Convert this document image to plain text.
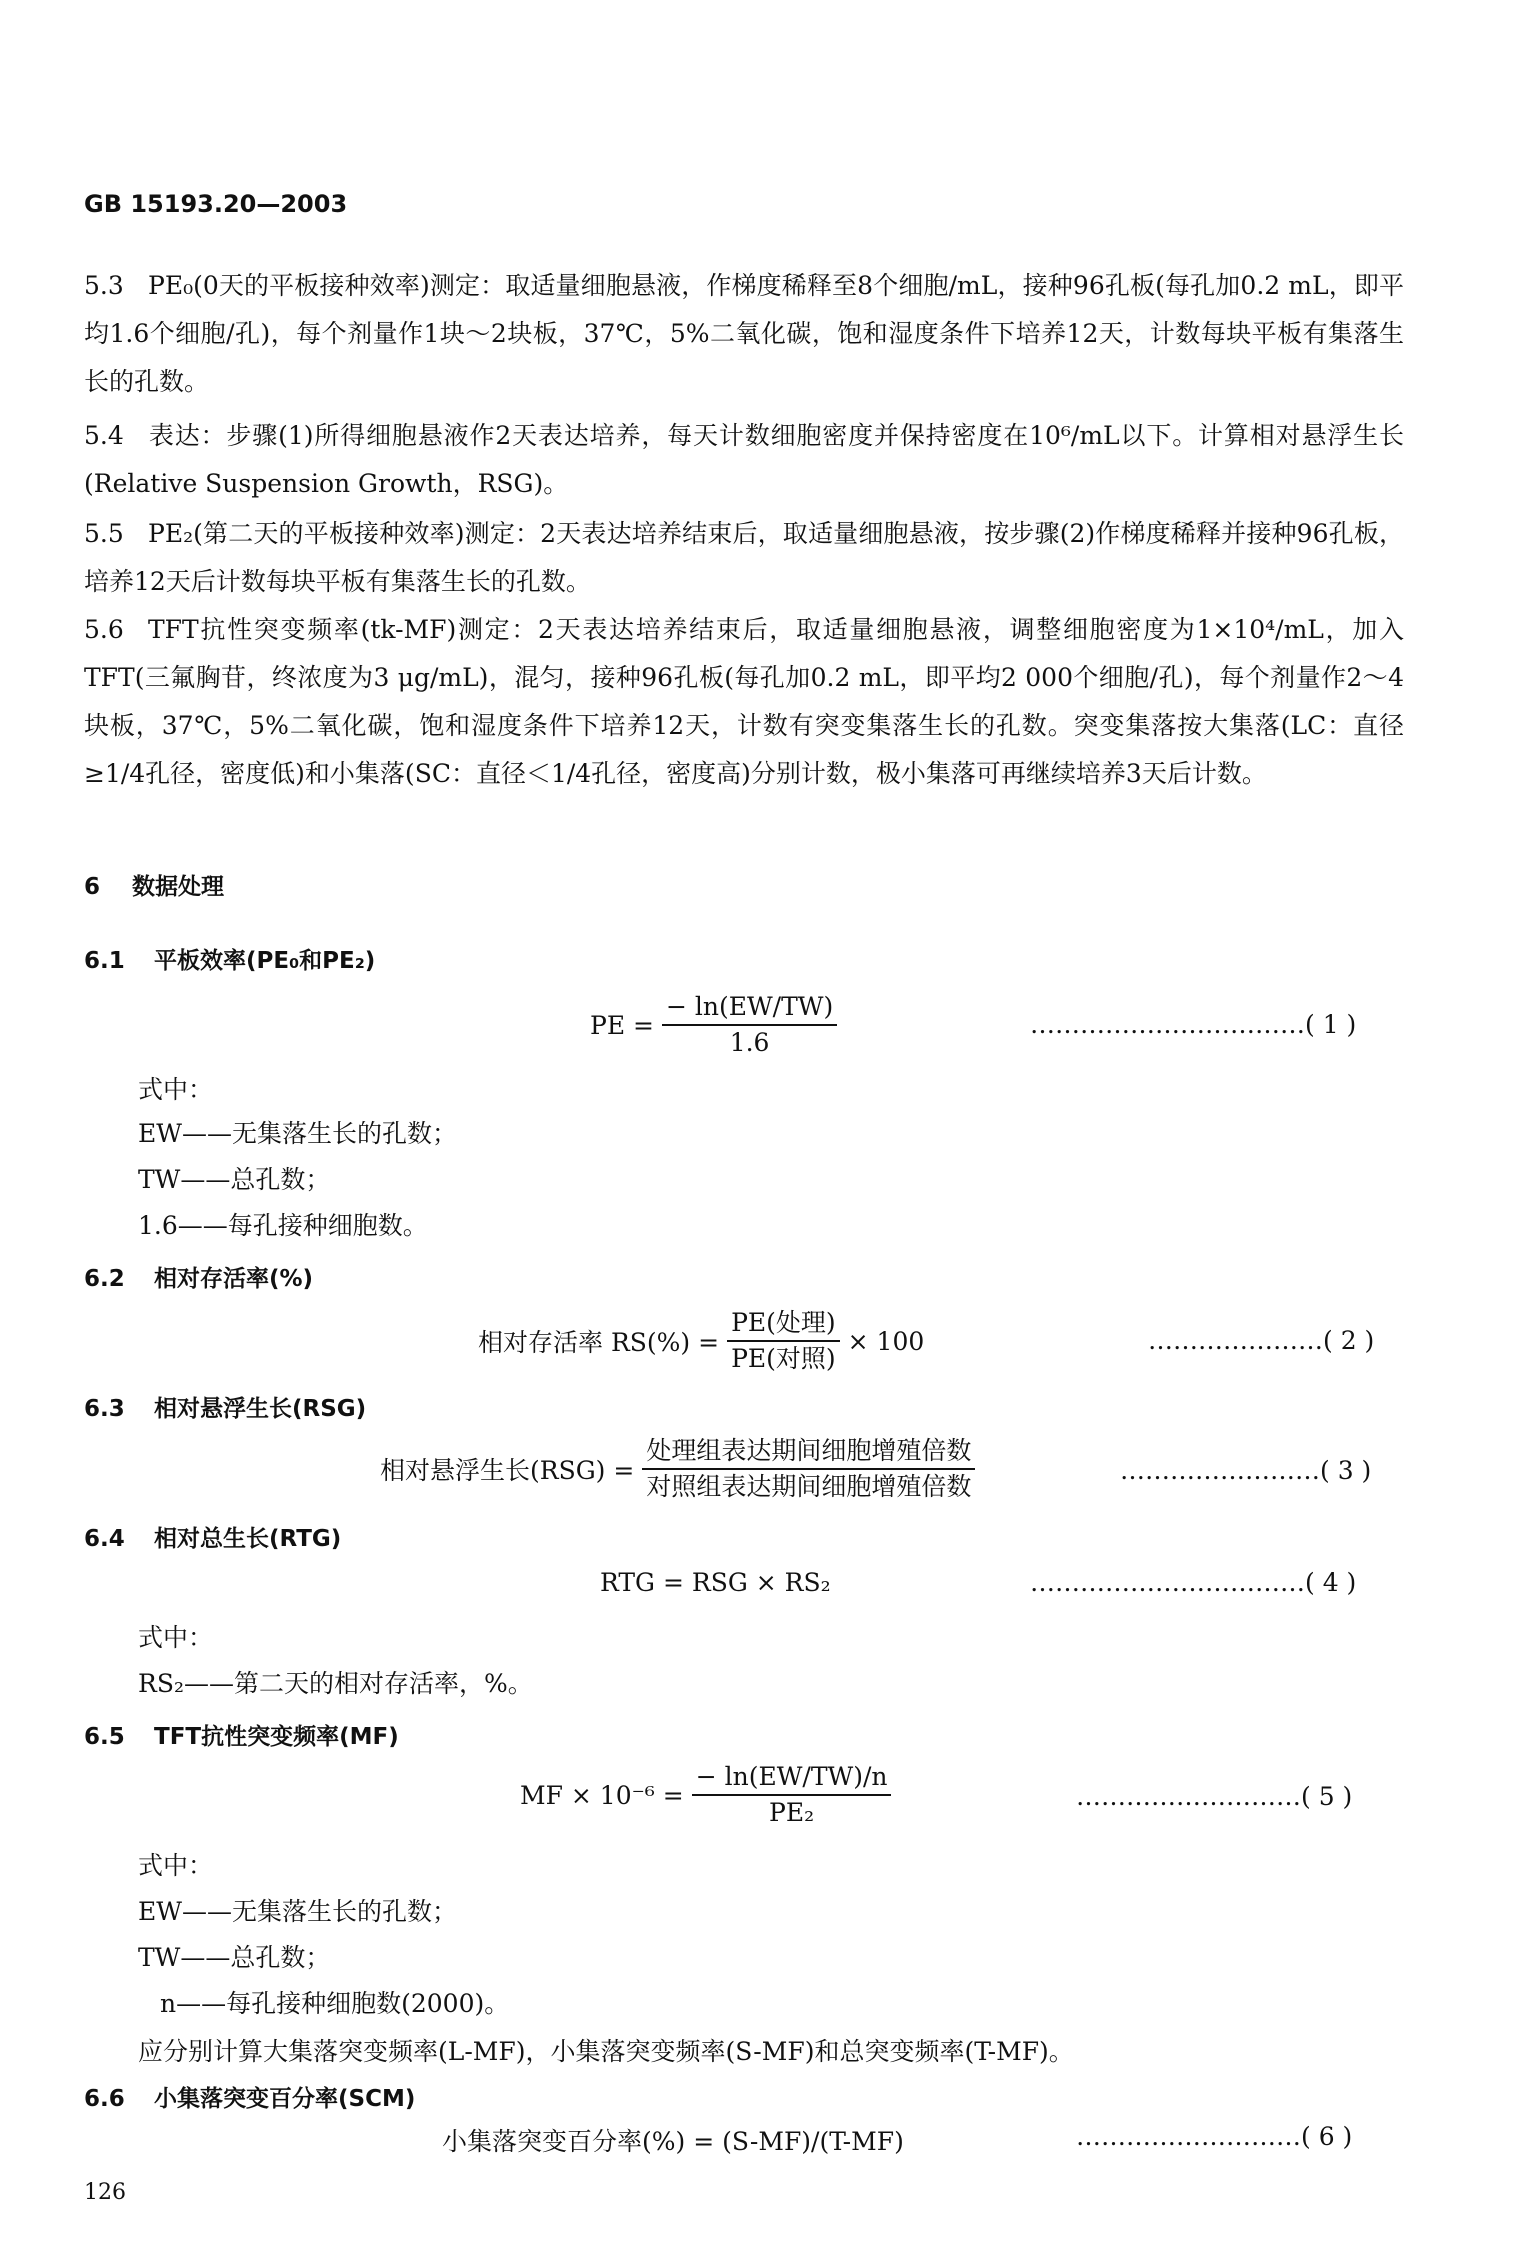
GB 15193.20—2003
5.3 PE₀(0天的平板接种效率)测定：取适量细胞悬液，作梯度稀释至8个细胞/mL，接种96孔板(每孔加0.2 mL，即平均1.6个细胞/孔)，每个剂量作1块～2块板，37℃，5%二氧化碳，饱和湿度条件下培养12天，计数每块平板有集落生长的孔数。
5.4 表达：步骤(1)所得细胞悬液作2天表达培养，每天计数细胞密度并保持密度在10⁶/mL以下。计算相对悬浮生长(Relative Suspension Growth，RSG)。
5.5 PE₂(第二天的平板接种效率)测定：2天表达培养结束后，取适量细胞悬液，按步骤(2)作梯度稀释并接种96孔板，培养12天后计数每块平板有集落生长的孔数。
5.6 TFT抗性突变频率(tk-MF)测定：2天表达培养结束后，取适量细胞悬液，调整细胞密度为1×10⁴/mL，加入TFT(三氟胸苷，终浓度为3 μg/mL)，混匀，接种96孔板(每孔加0.2 mL，即平均2 000个细胞/孔)，每个剂量作2～4块板，37℃，5%二氧化碳，饱和湿度条件下培养12天，计数有突变集落生长的孔数。突变集落按大集落(LC：直径≥1/4孔径，密度低)和小集落(SC：直径＜1/4孔径，密度高)分别计数，极小集落可再继续培养3天后计数。
6 数据处理
6.1 平板效率(PE₀和PE₂)
PE = $\frac{- \ln(EW/TW)}{1.6}$	……………………………( 1 )
式中：
EW——无集落生长的孔数；
TW——总孔数；
1.6——每孔接种细胞数。
6.2 相对存活率(%)
相对存活率 $RS(\%) = \frac{\text{PE(处理)}}{\text{PE(对照)}} \times 100$	…………………( 2 )
6.3 相对悬浮生长(RSG)
相对悬浮生长$(RSG) = \frac{\text{处理组表达期间细胞增殖倍数}}{\text{对照组表达期间细胞增殖倍数}}$	……………………( 3 )
6.4 相对总生长(RTG)
RTG = RSG × RS₂	……………………………( 4 )
式中：
RS₂——第二天的相对存活率，%。
6.5 TFT抗性突变频率(MF)
MF × $10^{-6} = \frac{- \ln(EW/TW)/n}{\text{PE₂}}$	………………………( 5 )
式中：
EW——无集落生长的孔数；
TW——总孔数；
n——每孔接种细胞数(2000)。
应分别计算大集落突变频率(L-MF)，小集落突变频率(S-MF)和总突变频率(T-MF)。
6.6 小集落突变百分率(SCM)
小集落突变百分率(%) = (S-MF)/(T-MF)	………………………( 6 )
126
